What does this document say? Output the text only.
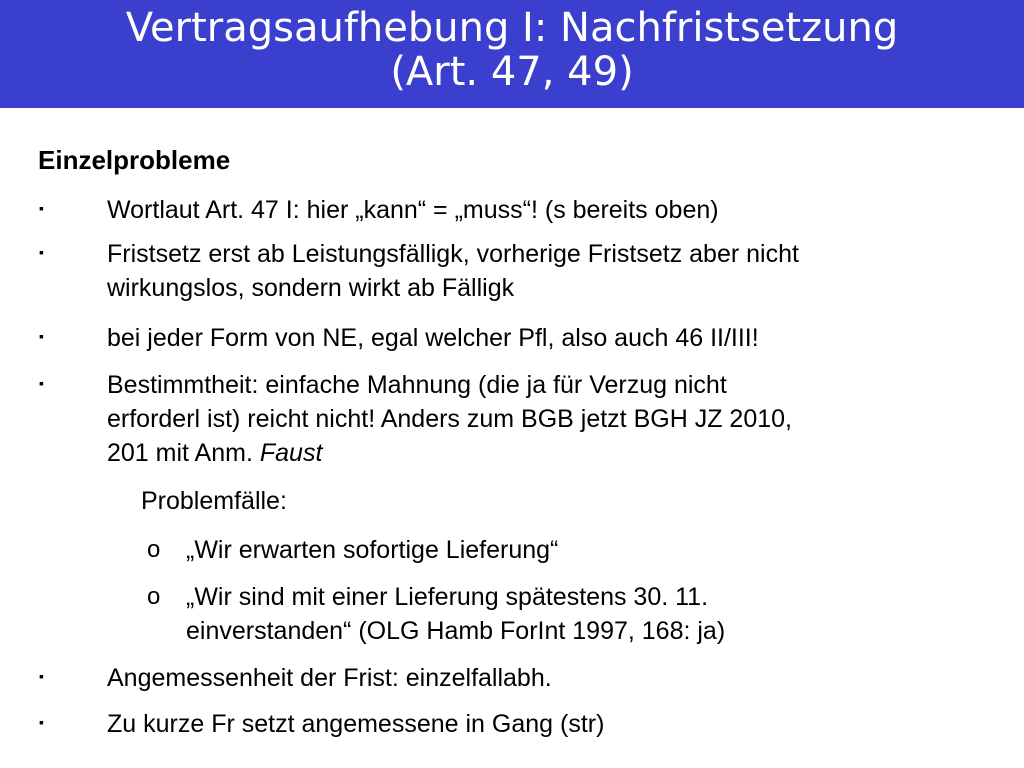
Vertragsaufhebung I: Nachfristsetzung
(Art. 47, 49)
Einzelprobleme
▪	Wortlaut Art. 47 I: hier „kann“ = „muss“! (s bereits oben)
▪	Fristsetz erst ab Leistungsfälligk, vorherige Fristsetz aber nicht
wirkungslos, sondern wirkt ab Fälligk
▪	bei jeder Form von NE, egal welcher Pfl, also auch 46 II/III!
▪	Bestimmtheit: einfache Mahnung (die ja für Verzug nicht
erforderl ist) reicht nicht! Anders zum BGB jetzt BGH JZ 2010,
201 mit Anm. Faust
Problemfälle:
o „Wir erwarten sofortige Lieferung“
o „Wir sind mit einer Lieferung spätestens 30. 11.
einverstanden“ (OLG Hamb ForInt 1997, 168: ja)
▪	Angemessenheit der Frist: einzelfallabh.
▪	Zu kurze Fr setzt angemessene in Gang (str)
